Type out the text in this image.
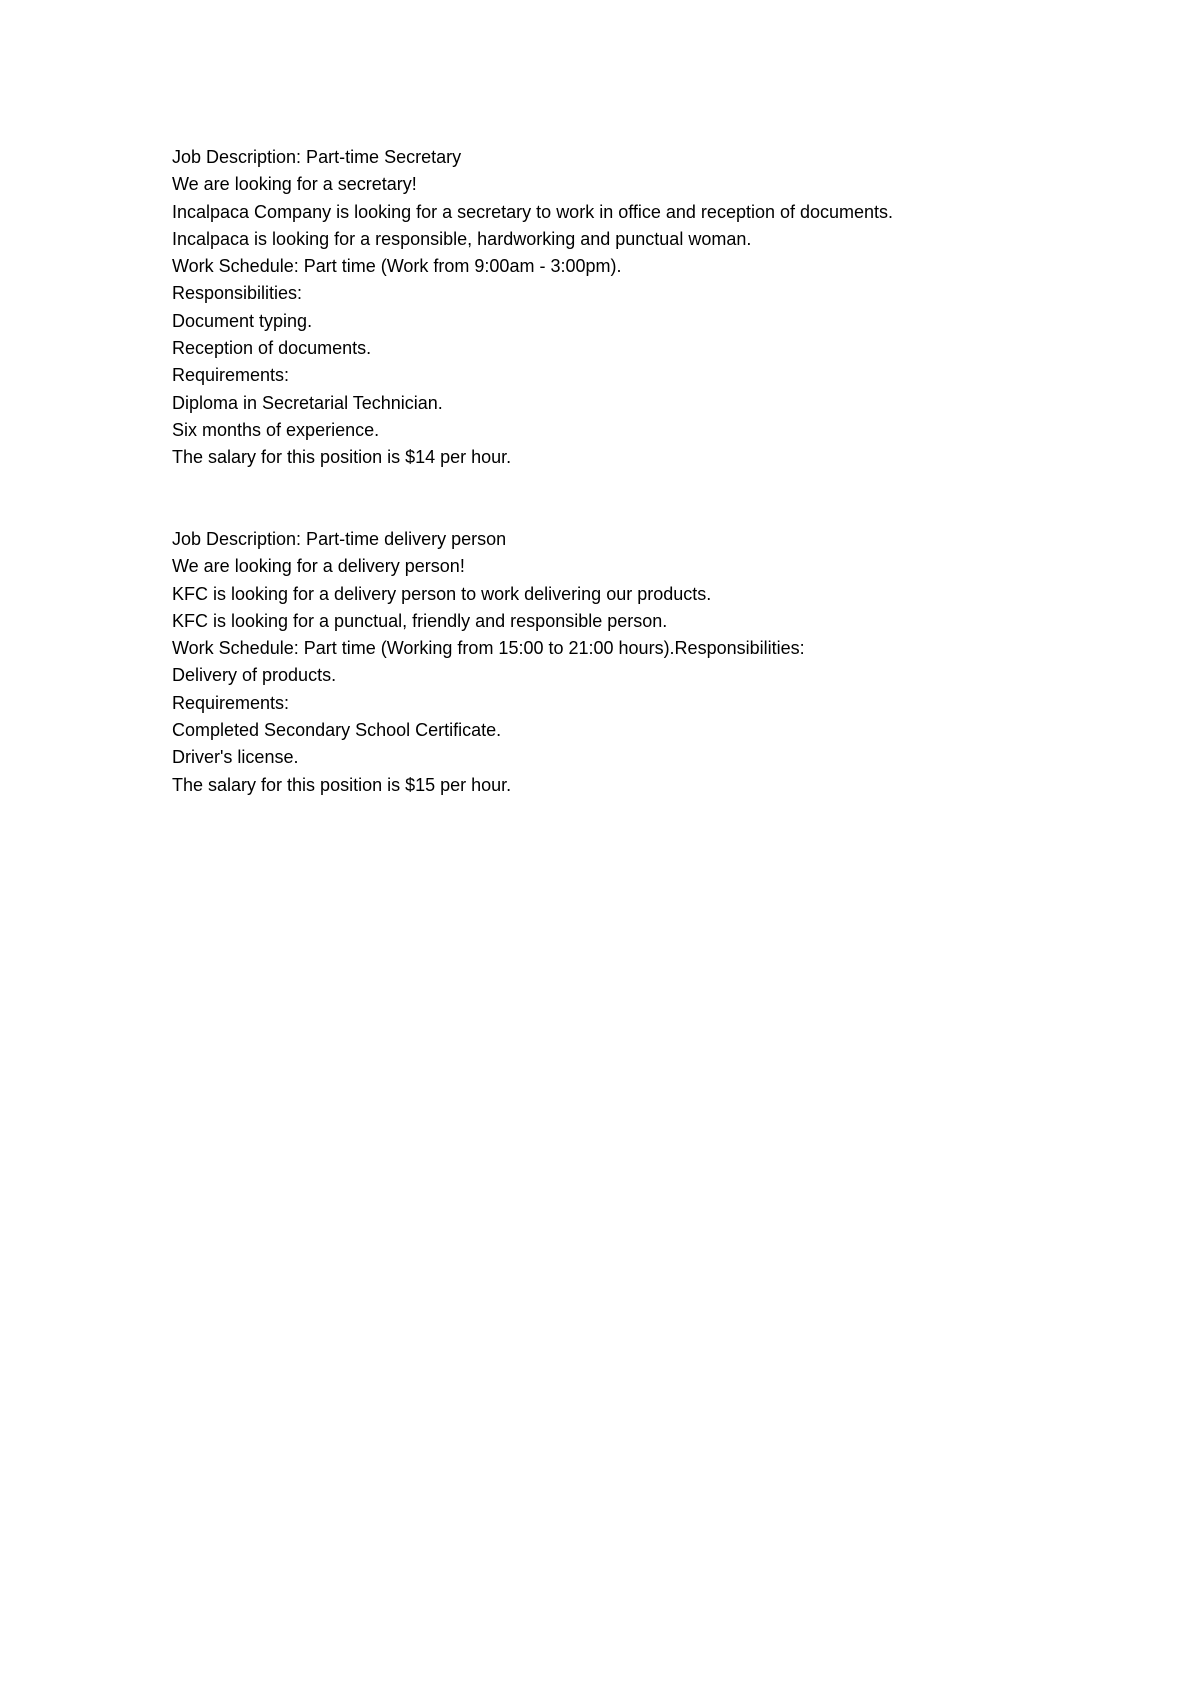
Job Description: Part-time Secretary

We are looking for a secretary!

Incalpaca Company is looking for a secretary to work in office and reception of documents.

Incalpaca is looking for a responsible, hardworking and punctual woman.

Work Schedule: Part time (Work from 9:00am - 3:00pm).

Responsibilities:

Document typing.

Reception of documents.

Requirements:

Diploma in Secretarial Technician.

Six months of experience.

The salary for this position is $14 per hour.

Job Description: Part-time delivery person

We are looking for a delivery person!

KFC is looking for a delivery person to work delivering our products.

KFC is looking for a punctual, friendly and responsible person.

Work Schedule: Part time (Working from 15:00 to 21:00 hours).Responsibilities:

Delivery of products.

Requirements:

Completed Secondary School Certificate.

Driver's license.

The salary for this position is $15 per hour.
